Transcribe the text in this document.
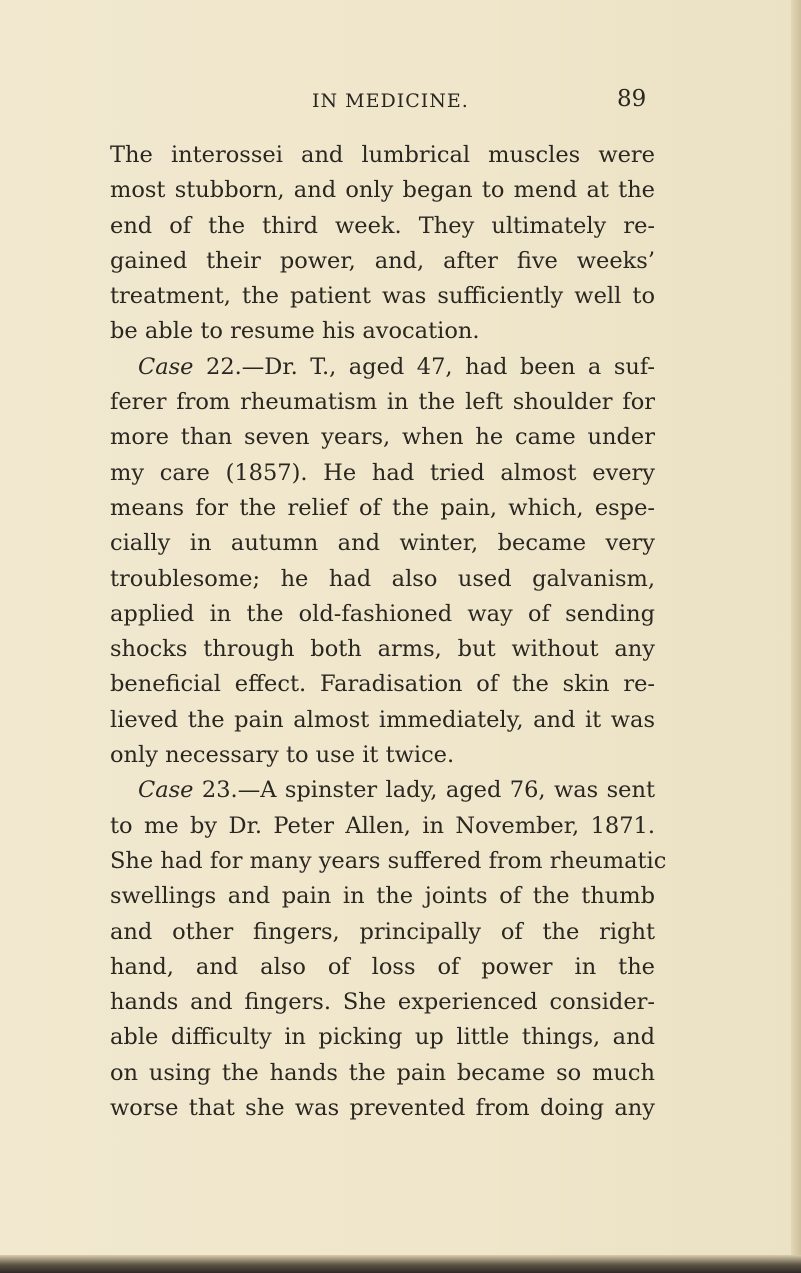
IN MEDICINE.	89
The interossei and lumbrical muscles were
most stubborn, and only began to mend at the
end of the third week. They ultimately re-
gained their power, and, after five weeks’
treatment, the patient was sufficiently well to
be able to resume his avocation.
Case 22.—Dr. T., aged 47, had been a suf-
ferer from rheumatism in the left shoulder for
more than seven years, when he came under
my care (1857). He had tried almost every
means for the relief of the pain, which, espe-
cially in autumn and winter, became very
troublesome; he had also used galvanism,
applied in the old-fashioned way of sending
shocks through both arms, but without any
beneficial effect. Faradisation of the skin re-
lieved the pain almost immediately, and it was
only necessary to use it twice.
Case 23.—A spinster lady, aged 76, was sent
to me by Dr. Peter Allen, in November, 1871.
She had for many years suffered from rheumatic
swellings and pain in the joints of the thumb
and other fingers, principally of the right
hand, and also of loss of power in the
hands and fingers. She experienced consider-
able difficulty in picking up little things, and
on using the hands the pain became so much
worse that she was prevented from doing any
